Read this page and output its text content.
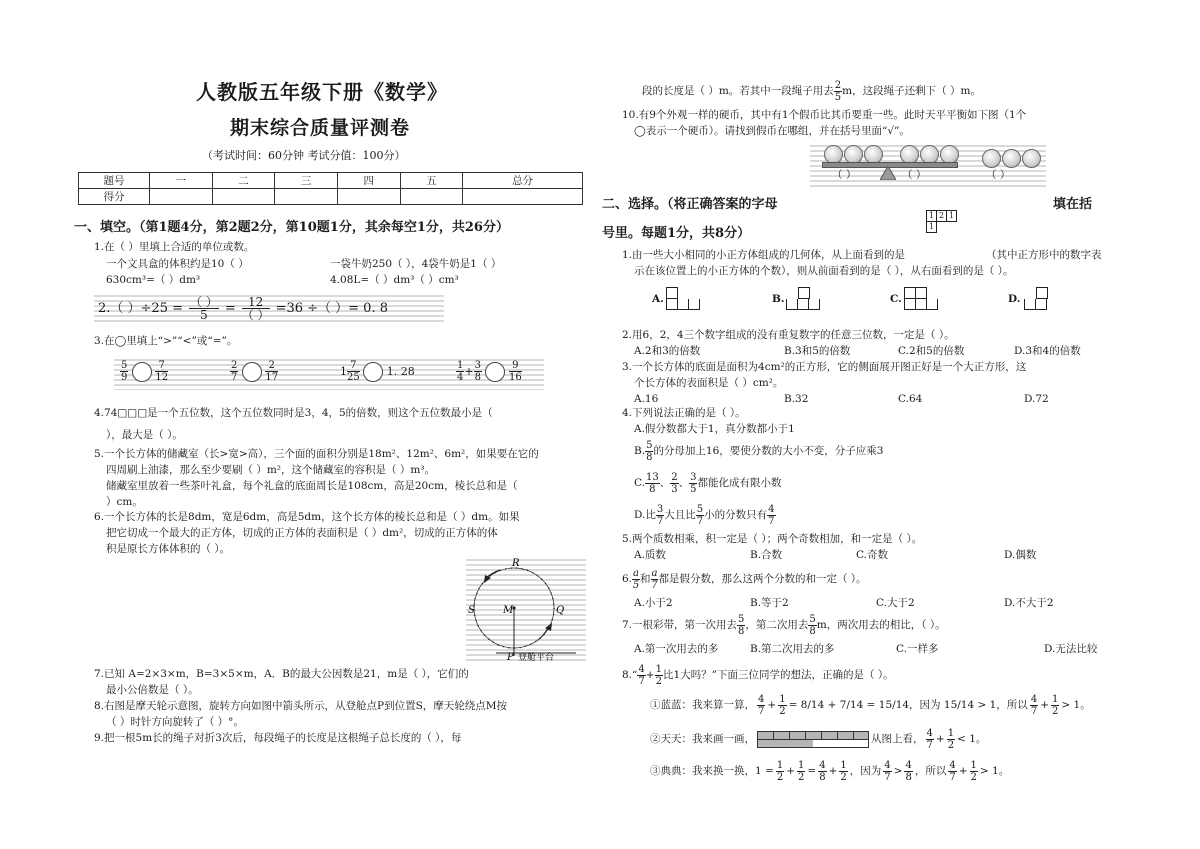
人教版五年级下册《数学》
期末综合质量评测卷
（考试时间：60分钟 考试分值：100分）
题号	一	二	三	四	五	总分
得分						
一、填空。（第1题4分，第2题2分，第10题1分，其余每空1分，共26分）
1.在（ ）里填上合适的单位或数。
一个文具盒的体积约是10（ ）	一袋牛奶250（ ），4袋牛奶是1（ ）
630cm³=（ ）dm³	4.08L=（ ）dm³（ ）cm³
2.（ ）÷25 = （ ）
5	=	12
（ ） =36 ÷（ ）= 0. 8
3.在◯里填上“>”“<”或“=”。
$\frac{5}{9}$
	$\frac{7}{12}$	$\frac{2}{7}$
	$\frac{2}{17}$	$1 \frac{7}{25} 1$. 28	$\frac{1}{4} + \frac{3}{8}$
	$\frac{9}{16}$
4.74□□□是一个五位数，这个五位数同时是3，4，5的倍数，则这个五位数最小是（
），最大是（ ）。
5.一个长方体的储藏室（长>宽>高），三个面的面积分别是18m²、12m²、6m²，如果要在它的
四周刷上油漆，那么至少要刷（ ）m²，这个储藏室的容积是（ ）m³。
储藏室里放着一些茶叶礼盒，每个礼盒的底面周长是108cm，高是20cm，棱长总和是（
）cm。
6.一个长方体的长是8dm，宽是6dm，高是5dm，这个长方体的棱长总和是（ ）dm。如果
把它切成一个最大的正方体，切成的正方体的表面积是（ ）dm²，切成的正方体的体
积是原长方体体积的（ ）。
R
S	M	Q
P 登舱平台
7.已知 A=2×3×m，B=3×5×m，A．B的最大公因数是21，m是（ ），它们的
最小公倍数是（ ）。
8.右图是摩天轮示意图，旋转方向如图中箭头所示，从登舱点P到位置S，摩天轮绕点M按
（ ）时针方向旋转了（ ）°。
9.把一根5m长的绳子对折3次后，每段绳子的长度是这根绳子总长度的（ ），每
段的长度是（ ）m。若其中一段绳子用去 $\frac{2}{5}$ m，这段绳子还剩下（ ）m。
10.有9个外观一样的硬币，其中有1个假币比其币要重一些。此时天平平衡如下图（1个
◯表示一个硬币）。请找到假币在哪组，并在括号里面“√”。
（ ）	（ ）	（ ）
二、选择。（将正确答案的字母	填在括
号里。每题1分，共8分）
1 2 1
1
1.由一些大小相同的小正方体组成的几何体，从上面看到的是	（其中正方形中的数字表
示在该位置上的小正方体的个数），则从前面看到的是（ ），从右面看到的是（ ）。
A.	B.	C.	D.
2.用6，2，4三个数字组成的没有重复数字的任意三位数，一定是（ ）。
A.2和3的倍数	B.3和5的倍数	C.2和5的倍数	D.3和4的倍数
3.一个长方体的底面是面积为4cm²的正方形，它的侧面展开图正好是一个大正方形，这
个长方体的表面积是（ ）cm²。
A.16	B.32	C.64	D.72
4.下列说法正确的是（ ）。
A.假分数都大于1，真分数都小于1
B. $\frac{5}{8}$ 的分母加上16，要使分数的大小不变，分子应乘3
C. 13
8
、 2
3
、 3
5
都能化成有限小数
D.比 3
7
大且比 5
7
小的分数只有 4
7
5.两个质数相乘，积一定是（ ）；两个奇数相加，和一定是（ ）。
A.质数	B.合数	C.奇数	D.偶数
6. a
5
和 a
7
都是假分数，那么这两个分数的和一定（ ）。
A.小于2	B.等于2	C.大于2	D.不大于2
7.一根彩带，第一次用去 5
8
，第二次用去 5
8
m，两次用去的相比，（ ）。
A.第一次用去的多	B.第二次用去的多	C.一样多	D.无法比较
8.“ 4
7
+ $\frac{1}{2}$ 比1大吗？”下面三位同学的想法，正确的是（ ）。
①蓝蓝：我来算一算， 4
7
+ $\frac{1}{2} = 8/14 + 7/14 = 15/14$，因为 15/14 > 1，所以 4
7
+ $\frac{1}{2} > 1$。
②天天：我来画一画，	从图上看， 4
7
+ $\frac{1}{2} < 1$。
③典典：我来换一换，$1 = \frac{1}{2} + \frac{1}{2} = \frac{4}{8} + \frac{1}{2}$ ，因为 4
7
> 4
8
，所以 4
7
+ $\frac{1}{2} > 1$。
